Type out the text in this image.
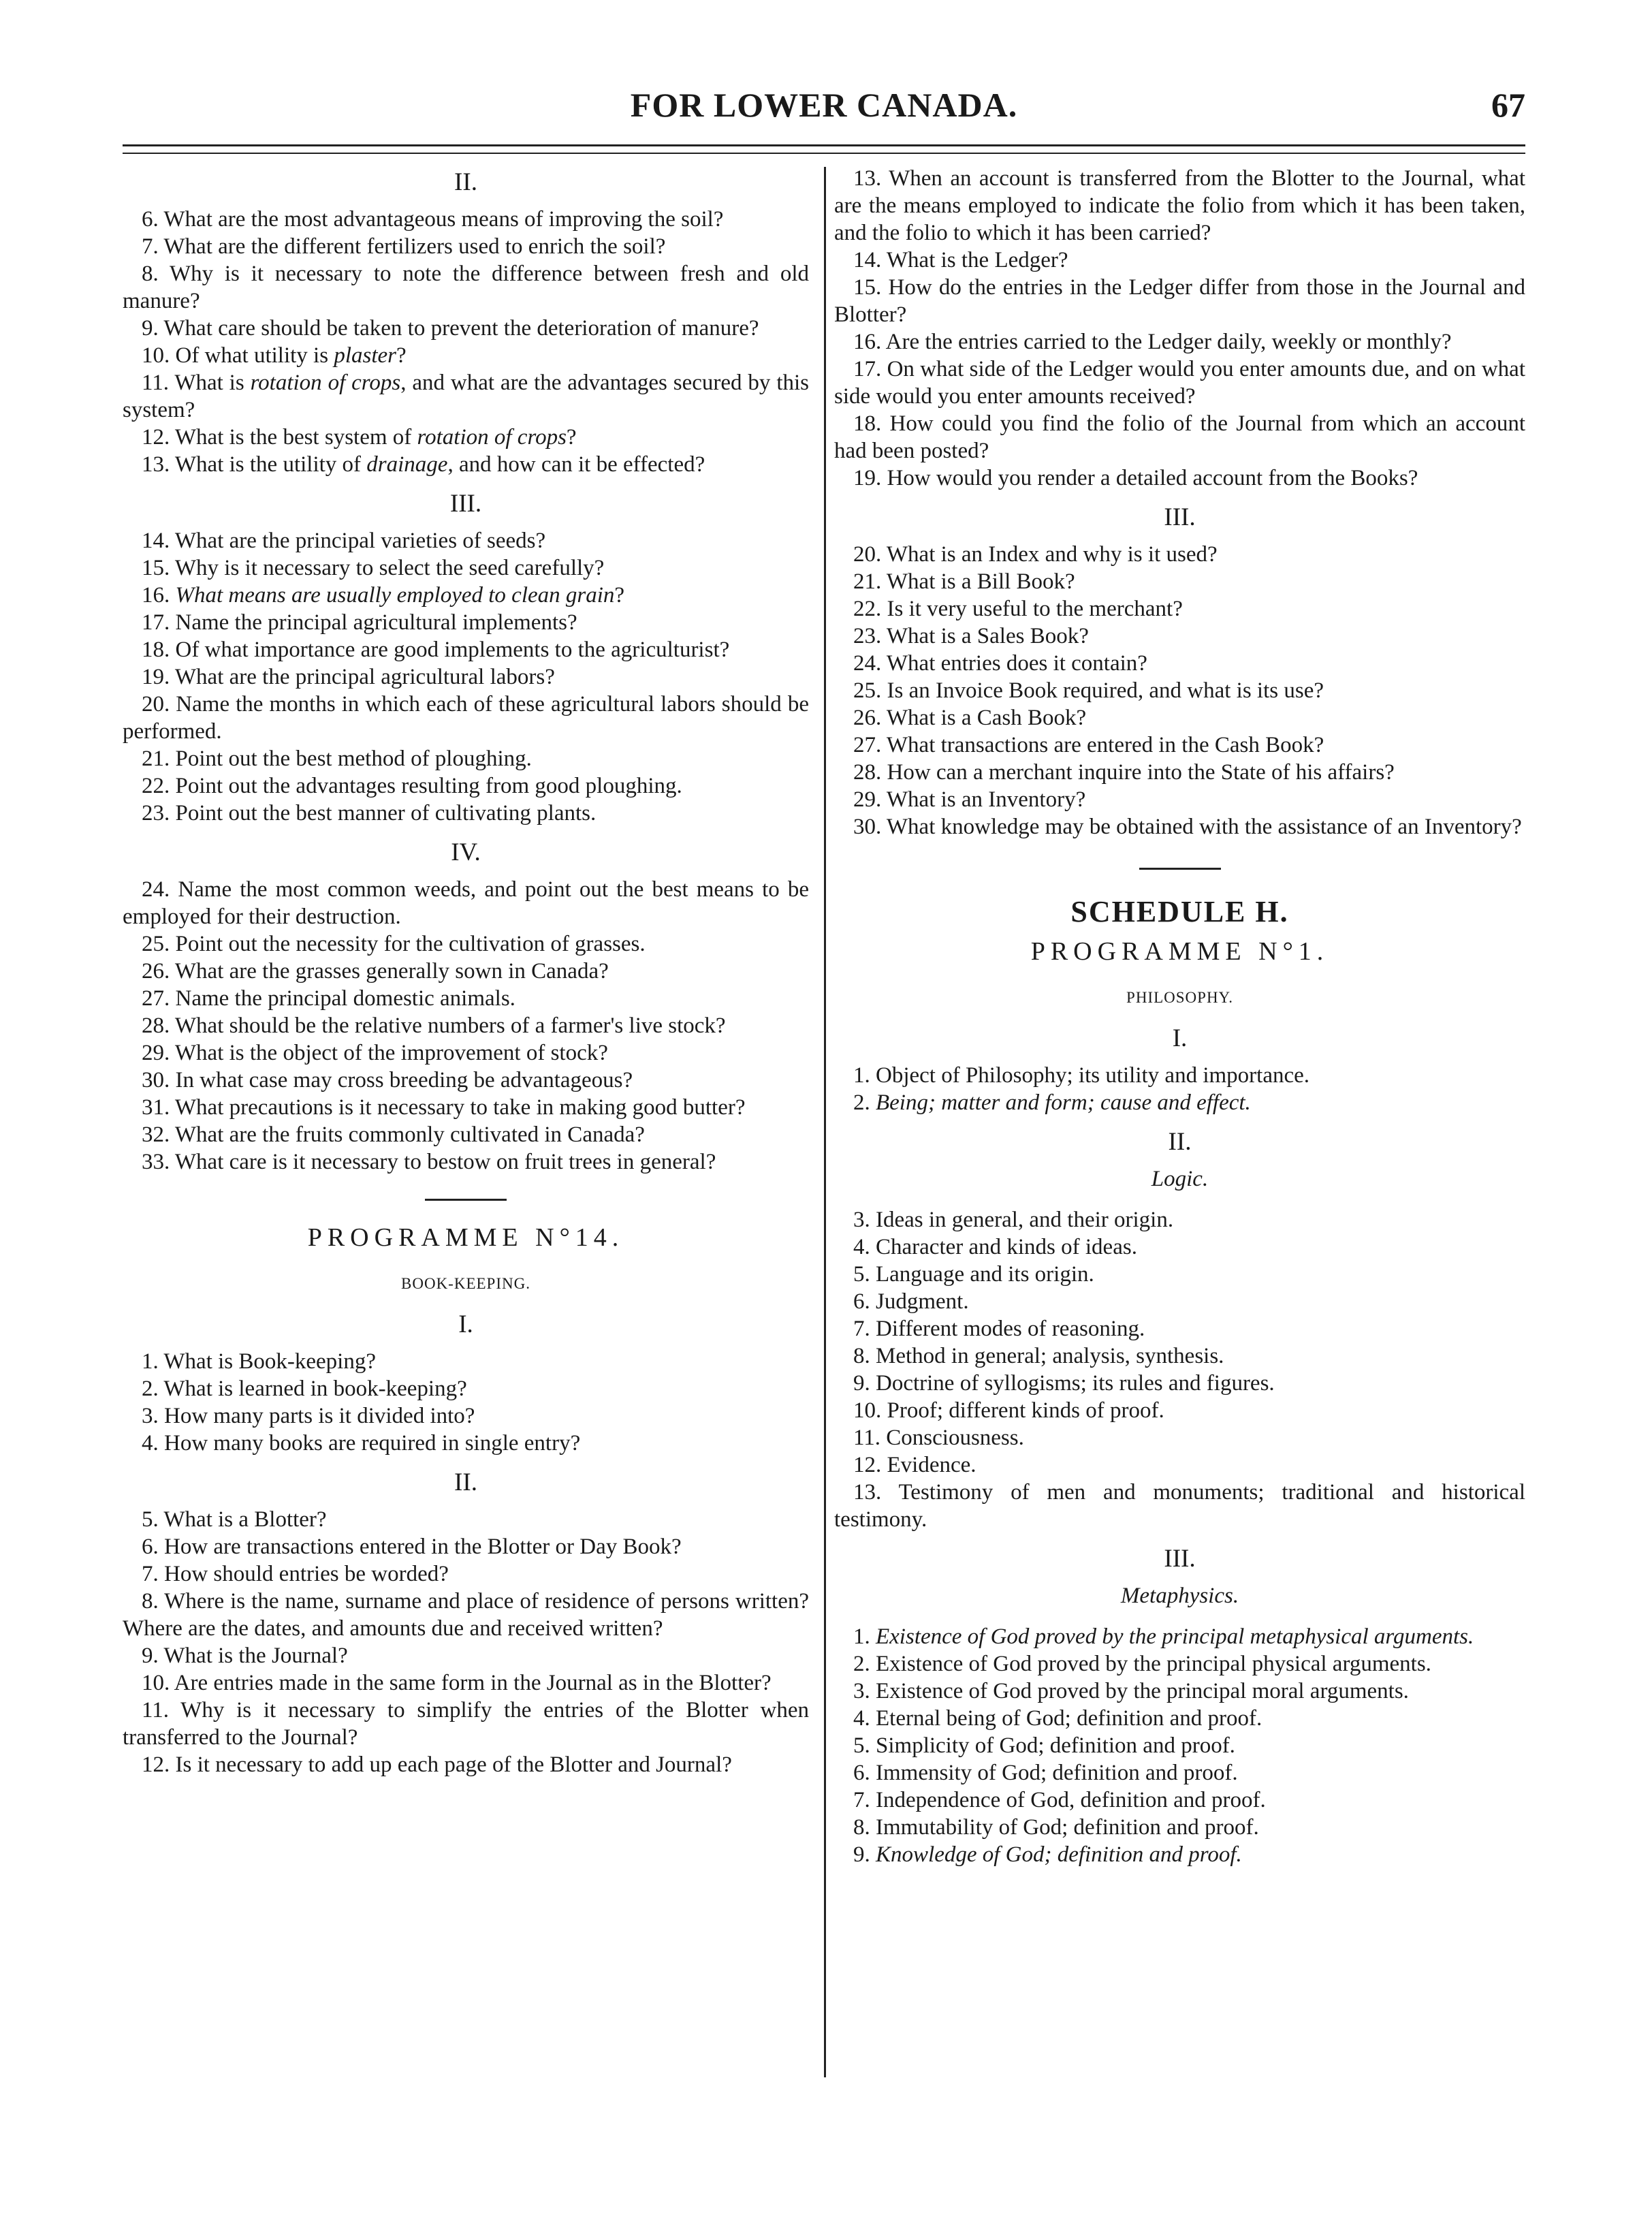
FOR LOWER CANADA.	67
II.

6. What are the most advantageous means of improving the soil?

7. What are the different fertilizers used to enrich the soil?

8. Why is it necessary to note the difference between fresh and old manure?

9. What care should be taken to prevent the deterioration of manure?

10. Of what utility is plaster?

11. What is rotation of crops, and what are the advantages secured by this system?

12. What is the best system of rotation of crops?

13. What is the utility of drainage, and how can it be effected?

III.

14. What are the principal varieties of seeds?

15. Why is it necessary to select the seed carefully?

16. What means are usually employed to clean grain?

17. Name the principal agricultural implements?

18. Of what importance are good implements to the agriculturist?

19. What are the principal agricultural labors?

20. Name the months in which each of these agricultural labors should be performed.

21. Point out the best method of ploughing.

22. Point out the advantages resulting from good ploughing.

23. Point out the best manner of cultivating plants.

IV.

24. Name the most common weeds, and point out the best means to be employed for their destruction.

25. Point out the necessity for the cultivation of grasses.

26. What are the grasses generally sown in Canada?

27. Name the principal domestic animals.

28. What should be the relative numbers of a farmer's live stock?

29. What is the object of the improvement of stock?

30. In what case may cross breeding be advantageous?

31. What precautions is it necessary to take in making good butter?

32. What are the fruits commonly cultivated in Canada?

33. What care is it necessary to bestow on fruit trees in general?

PROGRAMME N°14.
BOOK-KEEPING.
I.

1. What is Book-keeping?

2. What is learned in book-keeping?

3. How many parts is it divided into?

4. How many books are required in single entry?

II.

5. What is a Blotter?

6. How are transactions entered in the Blotter or Day Book?

7. How should entries be worded?

8. Where is the name, surname and place of residence of persons written? Where are the dates, and amounts due and received written?

9. What is the Journal?

10. Are entries made in the same form in the Journal as in the Blotter?

11. Why is it necessary to simplify the entries of the Blotter when transferred to the Journal?

12. Is it necessary to add up each page of the Blotter and Journal?

13. When an account is transferred from the Blotter to the Journal, what are the means employed to indicate the folio from which it has been taken, and the folio to which it has been carried?

14. What is the Ledger?

15. How do the entries in the Ledger differ from those in the Journal and Blotter?

16. Are the entries carried to the Ledger daily, weekly or monthly?

17. On what side of the Ledger would you enter amounts due, and on what side would you enter amounts received?

18. How could you find the folio of the Journal from which an account had been posted?

19. How would you render a detailed account from the Books?

III.

20. What is an Index and why is it used?

21. What is a Bill Book?

22. Is it very useful to the merchant?

23. What is a Sales Book?

24. What entries does it contain?

25. Is an Invoice Book required, and what is its use?

26. What is a Cash Book?

27. What transactions are entered in the Cash Book?

28. How can a merchant inquire into the State of his affairs?

29. What is an Inventory?

30. What knowledge may be obtained with the assistance of an Inventory?

SCHEDULE H.
PROGRAMME N°1.
PHILOSOPHY.
I.

1. Object of Philosophy; its utility and importance.

2. Being; matter and form; cause and effect.

II.
Logic.

3. Ideas in general, and their origin.

4. Character and kinds of ideas.

5. Language and its origin.

6. Judgment.

7. Different modes of reasoning.

8. Method in general; analysis, synthesis.

9. Doctrine of syllogisms; its rules and figures.

10. Proof; different kinds of proof.

11. Consciousness.

12. Evidence.

13. Testimony of men and monuments; traditional and historical testimony.

III.
Metaphysics.

1. Existence of God proved by the principal metaphysical arguments.

2. Existence of God proved by the principal physical arguments.

3. Existence of God proved by the principal moral arguments.

4. Eternal being of God; definition and proof.

5. Simplicity of God; definition and proof.

6. Immensity of God; definition and proof.

7. Independence of God, definition and proof.

8. Immutability of God; definition and proof.

9. Knowledge of God; definition and proof.
